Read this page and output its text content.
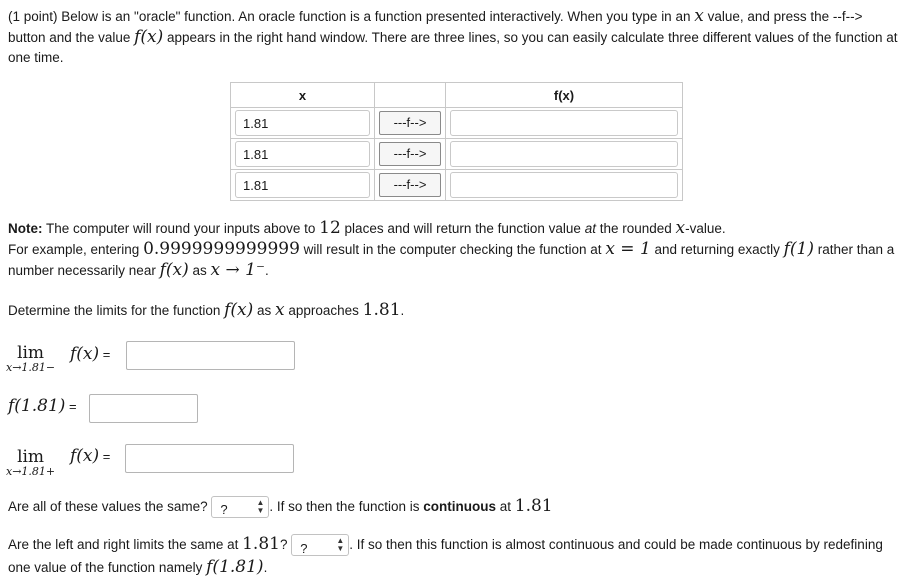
(1 point) Below is an "oracle" function. An oracle function is a function presented interactively. When you type in an x value, and press the --f-->
button and the value f(x) appears in the right hand window. There are three lines, so you can easily calculate three different values of the function at one time.
x		f(x)

1.81	---f-->	

1.81	---f-->	

1.81	---f-->	

Note: The computer will round your inputs above to 12 places and will return the function value at the rounded x-value.
For example, entering 0.9999999999999 will result in the computer checking the function at x = 1 and returning exactly f(1) rather than a
number necessarily near f(x) as x → 1⁻.
Determine the limits for the function f(x) as x approaches 1.81.
lim
x→1.81−
f(x) =
f(1.81) =
lim
x→1.81+
f(x) =
Are all of these values the same? ?	▲
▼ . If so then the function is continuous at 1.81
Are the left and right limits the same at 1.81? ?
▲
▼ . If so then this function is almost continuous and could be made continuous by redefining one value of the function namely f(1.81).
